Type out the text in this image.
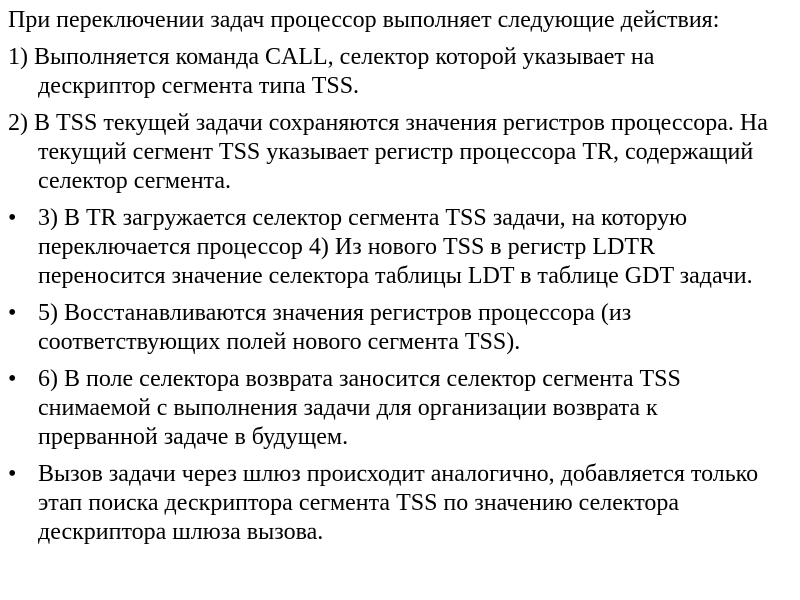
При переключении задач процессор выполняет следующие действия:

1) Выполняется команда CALL, селектор которой указывает на дескриптор сегмента типа TSS.

2) В TSS текущей задачи сохраняются значения регистров процессора. На текущий сегмент TSS указывает регистр процессора TR, содержащий селектор сегмента.

• 3) В TR загружается селектор сегмента TSS задачи, на которую переключается процессор 4) Из нового TSS в регистр LDTR переносится значение селектора таблицы LDT в таблице GDT задачи.

• 5) Восстанавливаются значения регистров процессора (из соответствующих полей нового сегмента TSS).

• 6) В поле селектора возврата заносится селектор сегмента TSS снимаемой с выполнения задачи для организации возврата к прерванной задаче в будущем.

• Вызов задачи через шлюз происходит аналогично, добавляется только этап поиска дескриптора сегмента TSS по значению селектора дескриптора шлюза вызова.
